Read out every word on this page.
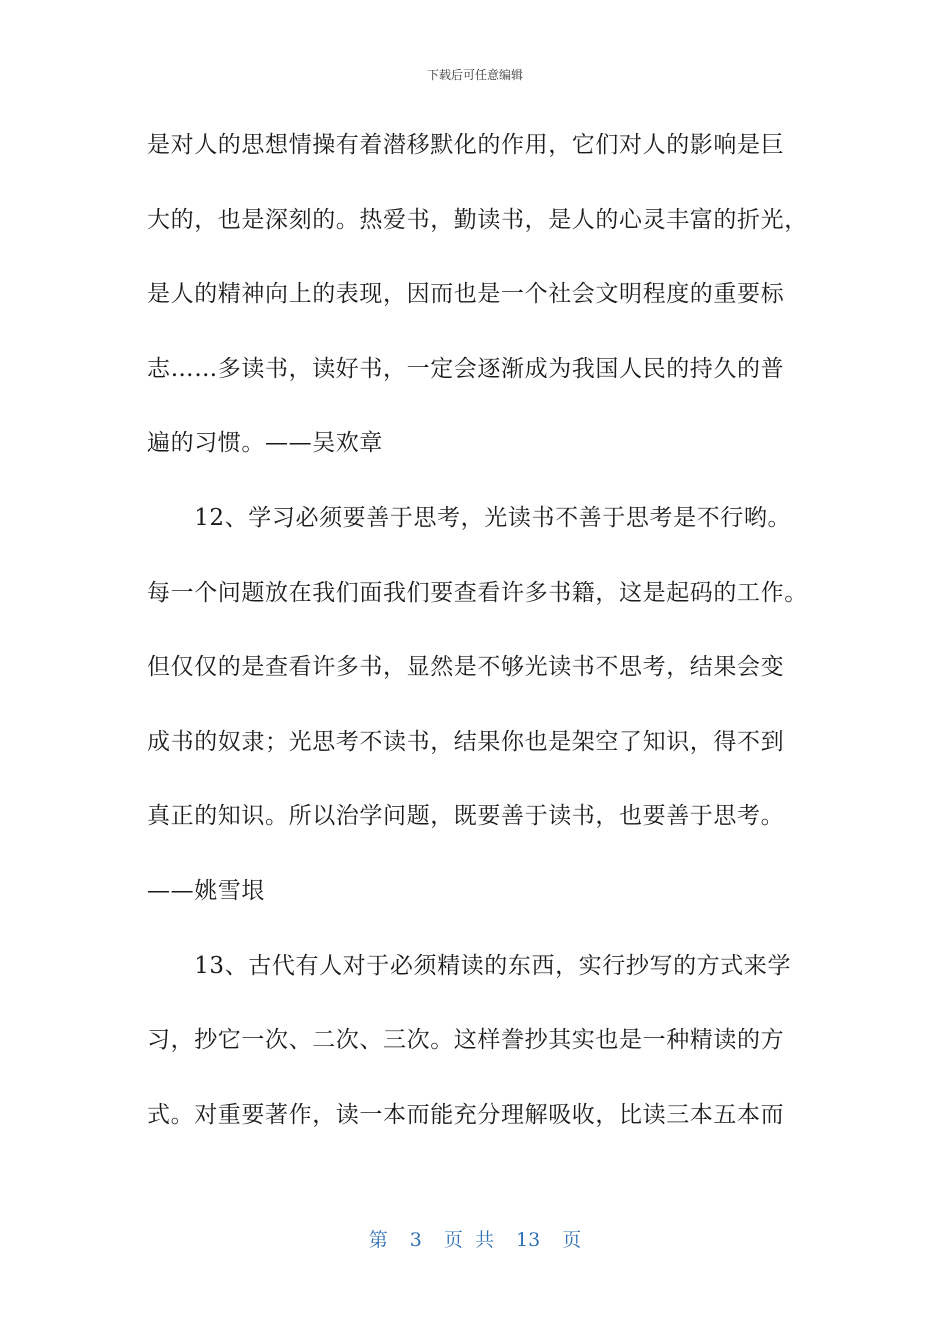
下载后可任意编辑
是对人的思想情操有着潜移默化的作用，它们对人的影响是巨
大的，也是深刻的。热爱书，勤读书，是人的心灵丰富的折光，
是人的精神向上的表现，因而也是一个社会文明程度的重要标
志……多读书，读好书，一定会逐渐成为我国人民的持久的普
遍的习惯。——吴欢章
　　12、学习必须要善于思考，光读书不善于思考是不行哟。
每一个问题放在我们面我们要查看许多书籍，这是起码的工作。
但仅仅的是查看许多书，显然是不够光读书不思考，结果会变
成书的奴隶；光思考不读书，结果你也是架空了知识，得不到
真正的知识。所以治学问题，既要善于读书，也要善于思考。
——姚雪垠
　　13、古代有人对于必须精读的东西，实行抄写的方式来学
习，抄它一次、二次、三次。这样誊抄其实也是一种精读的方
式。对重要著作，读一本而能充分理解吸收，比读三本五本而
第 3 页 共 13 页
